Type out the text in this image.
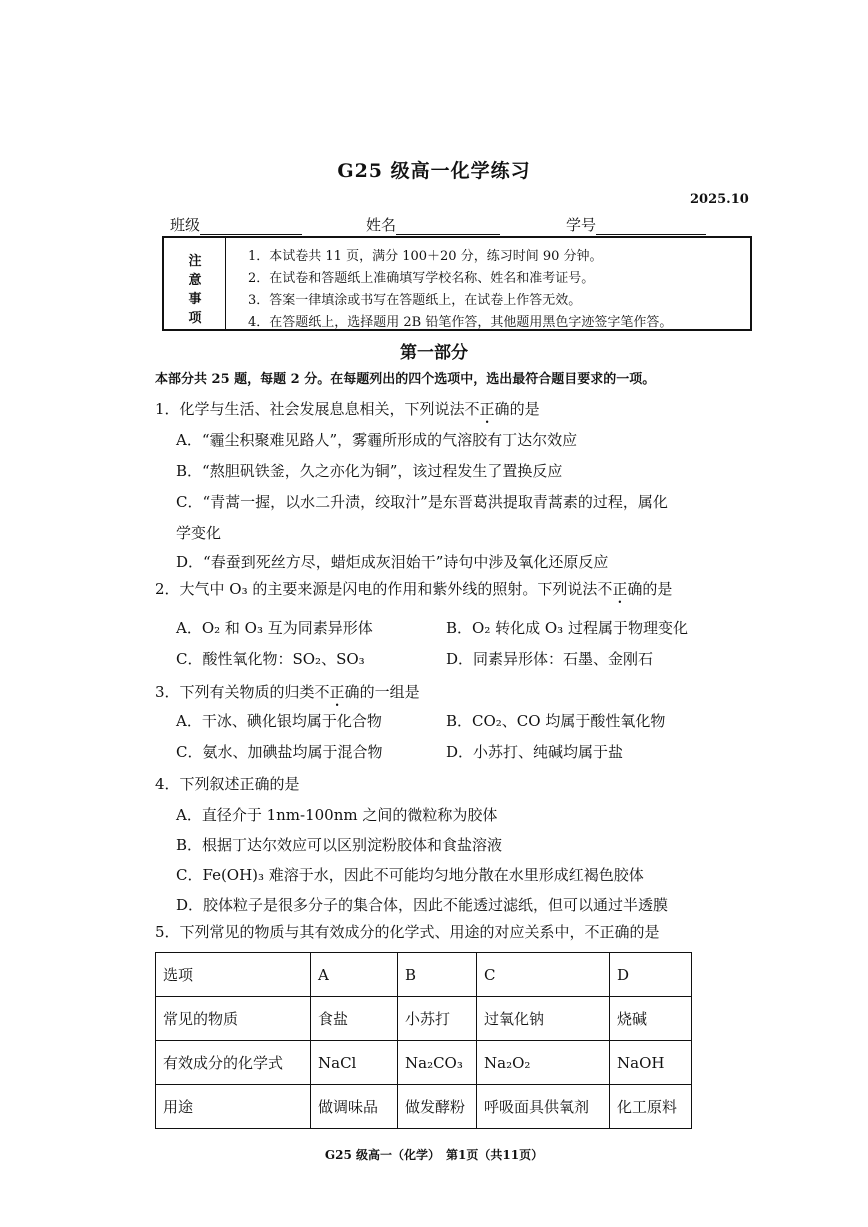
G25 级高一化学练习
2025.10
班级	姓名	学号
注
意
事
项
1．本试卷共 11 页，满分 100＋20 分，练习时间 90 分钟。
2．在试卷和答题纸上准确填写学校名称、姓名和准考证号。
3．答案一律填涂或书写在答题纸上，在试卷上作答无效。
4．在答题纸上，选择题用 2B 铅笔作答，其他题用黑色字迹签字笔作答。
第一部分
本部分共 25 题，每题 2 分。在每题列出的四个选项中，选出最符合题目要求的一项。
1．化学与生活、社会发展息息相关，下列说法不正确的是
A．“霾尘积聚难见路人”，雾霾所形成的气溶胶有丁达尔效应
B．“熬胆矾铁釜，久之亦化为铜”，该过程发生了置换反应
C．“青蒿一握，以水二升渍，绞取汁”是东晋葛洪提取青蒿素的过程，属化
学变化
D．“春蚕到死丝方尽，蜡炬成灰泪始干”诗句中涉及氧化还原反应
2．大气中 O₃ 的主要来源是闪电的作用和紫外线的照射。下列说法不正确的是
A．O₂ 和 O₃ 互为同素异形体	B．O₂ 转化成 O₃ 过程属于物理变化
C．酸性氧化物：SO₂、SO₃	D．同素异形体：石墨、金刚石
3．下列有关物质的归类不正确的一组是
A．干冰、碘化银均属于化合物	B．CO₂、CO 均属于酸性氧化物
C．氨水、加碘盐均属于混合物	D．小苏打、纯碱均属于盐
4．下列叙述正确的是
A．直径介于 1nm-100nm 之间的微粒称为胶体
B．根据丁达尔效应可以区别淀粉胶体和食盐溶液
C．Fe(OH)₃ 难溶于水，因此不可能均匀地分散在水里形成红褐色胶体
D．胶体粒子是很多分子的集合体，因此不能透过滤纸，但可以通过半透膜
5．下列常见的物质与其有效成分的化学式、用途的对应关系中，不正确的是
选项	A	B	C	D
常见的物质	食盐	小苏打	过氧化钠	烧碱
有效成分的化学式	NaCl	Na₂CO₃	Na₂O₂	NaOH
用途	做调味品	做发酵粉	呼吸面具供氧剂	化工原料
G25 级高一（化学）　第1页（共11页）
